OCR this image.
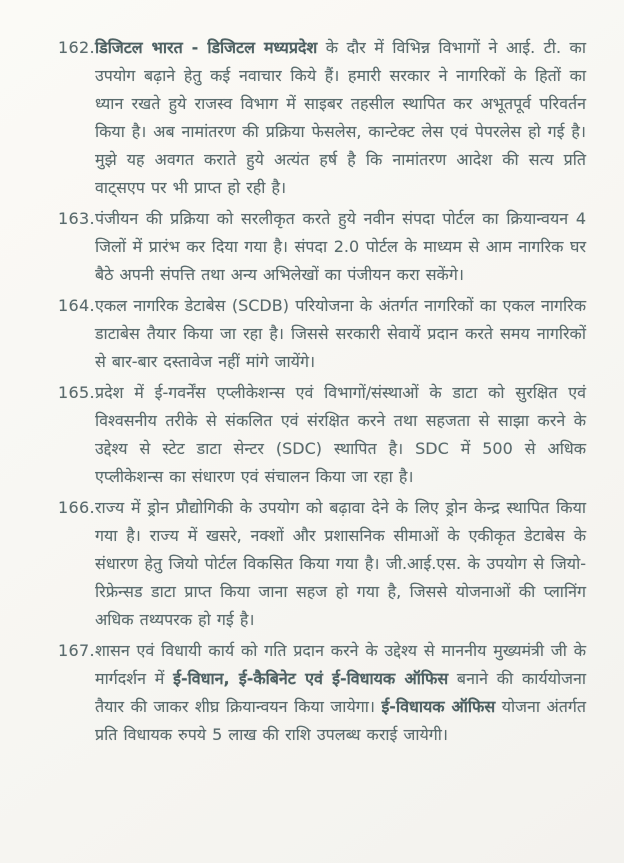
162. डिजिटल भारत - डिजिटल मध्यप्रदेश के दौर में विभिन्न विभागों ने आई. टी. का उपयोग बढ़ाने हेतु कई नवाचार किये हैं। हमारी सरकार ने नागरिकों के हितों का ध्यान रखते हुये राजस्व विभाग में साइबर तहसील स्थापित कर अभूतपूर्व परिवर्तन किया है। अब नामांतरण की प्रक्रिया फेसलेस, कान्टेक्ट लेस एवं पेपरलेस हो गई है। मुझे यह अवगत कराते हुये अत्यंत हर्ष है कि नामांतरण आदेश की सत्य प्रति वाट्सएप पर भी प्राप्त हो रही है।
163. पंजीयन की प्रक्रिया को सरलीकृत करते हुये नवीन संपदा पोर्टल का क्रियान्वयन 4 जिलों में प्रारंभ कर दिया गया है। संपदा 2.0 पोर्टल के माध्यम से आम नागरिक घर बैठे अपनी संपत्ति तथा अन्य अभिलेखों का पंजीयन करा सकेंगे।
164. एकल नागरिक डेटाबेस (SCDB) परियोजना के अंतर्गत नागरिकों का एकल नागरिक डाटाबेस तैयार किया जा रहा है। जिससे सरकारी सेवायें प्रदान करते समय नागरिकों से बार-बार दस्तावेज नहीं मांगे जायेंगे।
165. प्रदेश में ई-गवर्नेंस एप्लीकेशन्स एवं विभागों/संस्थाओं के डाटा को सुरक्षित एवं विश्वसनीय तरीके से संकलित एवं संरक्षित करने तथा सहजता से साझा करने के उद्देश्य से स्टेट डाटा सेन्टर (SDC) स्थापित है। SDC में 500 से अधिक एप्लीकेशन्स का संधारण एवं संचालन किया जा रहा है।
166. राज्य में ड्रोन प्रौद्योगिकी के उपयोग को बढ़ावा देने के लिए ड्रोन केन्द्र स्थापित किया गया है। राज्य में खसरे, नक्शों और प्रशासनिक सीमाओं के एकीकृत डेटाबेस के संधारण हेतु जियो पोर्टल विकसित किया गया है। जी.आई.एस. के उपयोग से जियो-रिफ्रेन्सड डाटा प्राप्त किया जाना सहज हो गया है, जिससे योजनाओं की प्लानिंग अधिक तथ्यपरक हो गई है।
167. शासन एवं विधायी कार्य को गति प्रदान करने के उद्देश्य से माननीय मुख्यमंत्री जी के मार्गदर्शन में ई-विधान, ई-कैबिनेट एवं ई-विधायक ऑफिस बनाने की कार्ययोजना तैयार की जाकर शीघ्र क्रियान्वयन किया जायेगा। ई-विधायक ऑफिस योजना अंतर्गत प्रति विधायक रुपये 5 लाख की राशि उपलब्ध कराई जायेगी।
